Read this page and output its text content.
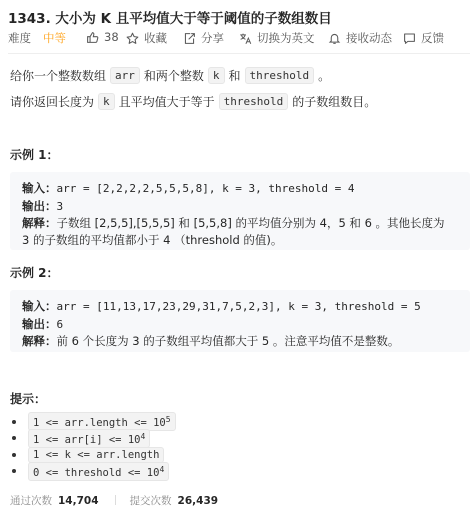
1343. 大小为 K 且平均值大于等于阈值的子数组数目
难度 中等	38 收藏	分享	切换为英文	接收动态	反馈
给你一个整数数组 arr 和两个整数 k 和 threshold 。
请你返回长度为 k 且平均值大于等于 threshold 的子数组数目。
示例 1：
输入：arr = [2,2,2,2,5,5,5,8], k = 3, threshold = 4
输出：3
解释：子数组 [2,5,5],[5,5,5] 和 [5,5,8] 的平均值分别为 4，5 和 6 。其他长度为
3 的子数组的平均值都小于 4 （threshold 的值)。
示例 2：
输入：arr = [11,13,17,23,29,31,7,5,2,3], k = 3, threshold = 5
输出：6
解释：前 6 个长度为 3 的子数组平均值都大于 5 。注意平均值不是整数。
提示：
1 <= arr.length <= $10^5$
$1 <= arr[i] <= 10^4$
1 <= k <= arr.length
0 <= threshold <= $10^4$
通过次数 14,704	提交次数 26,439
